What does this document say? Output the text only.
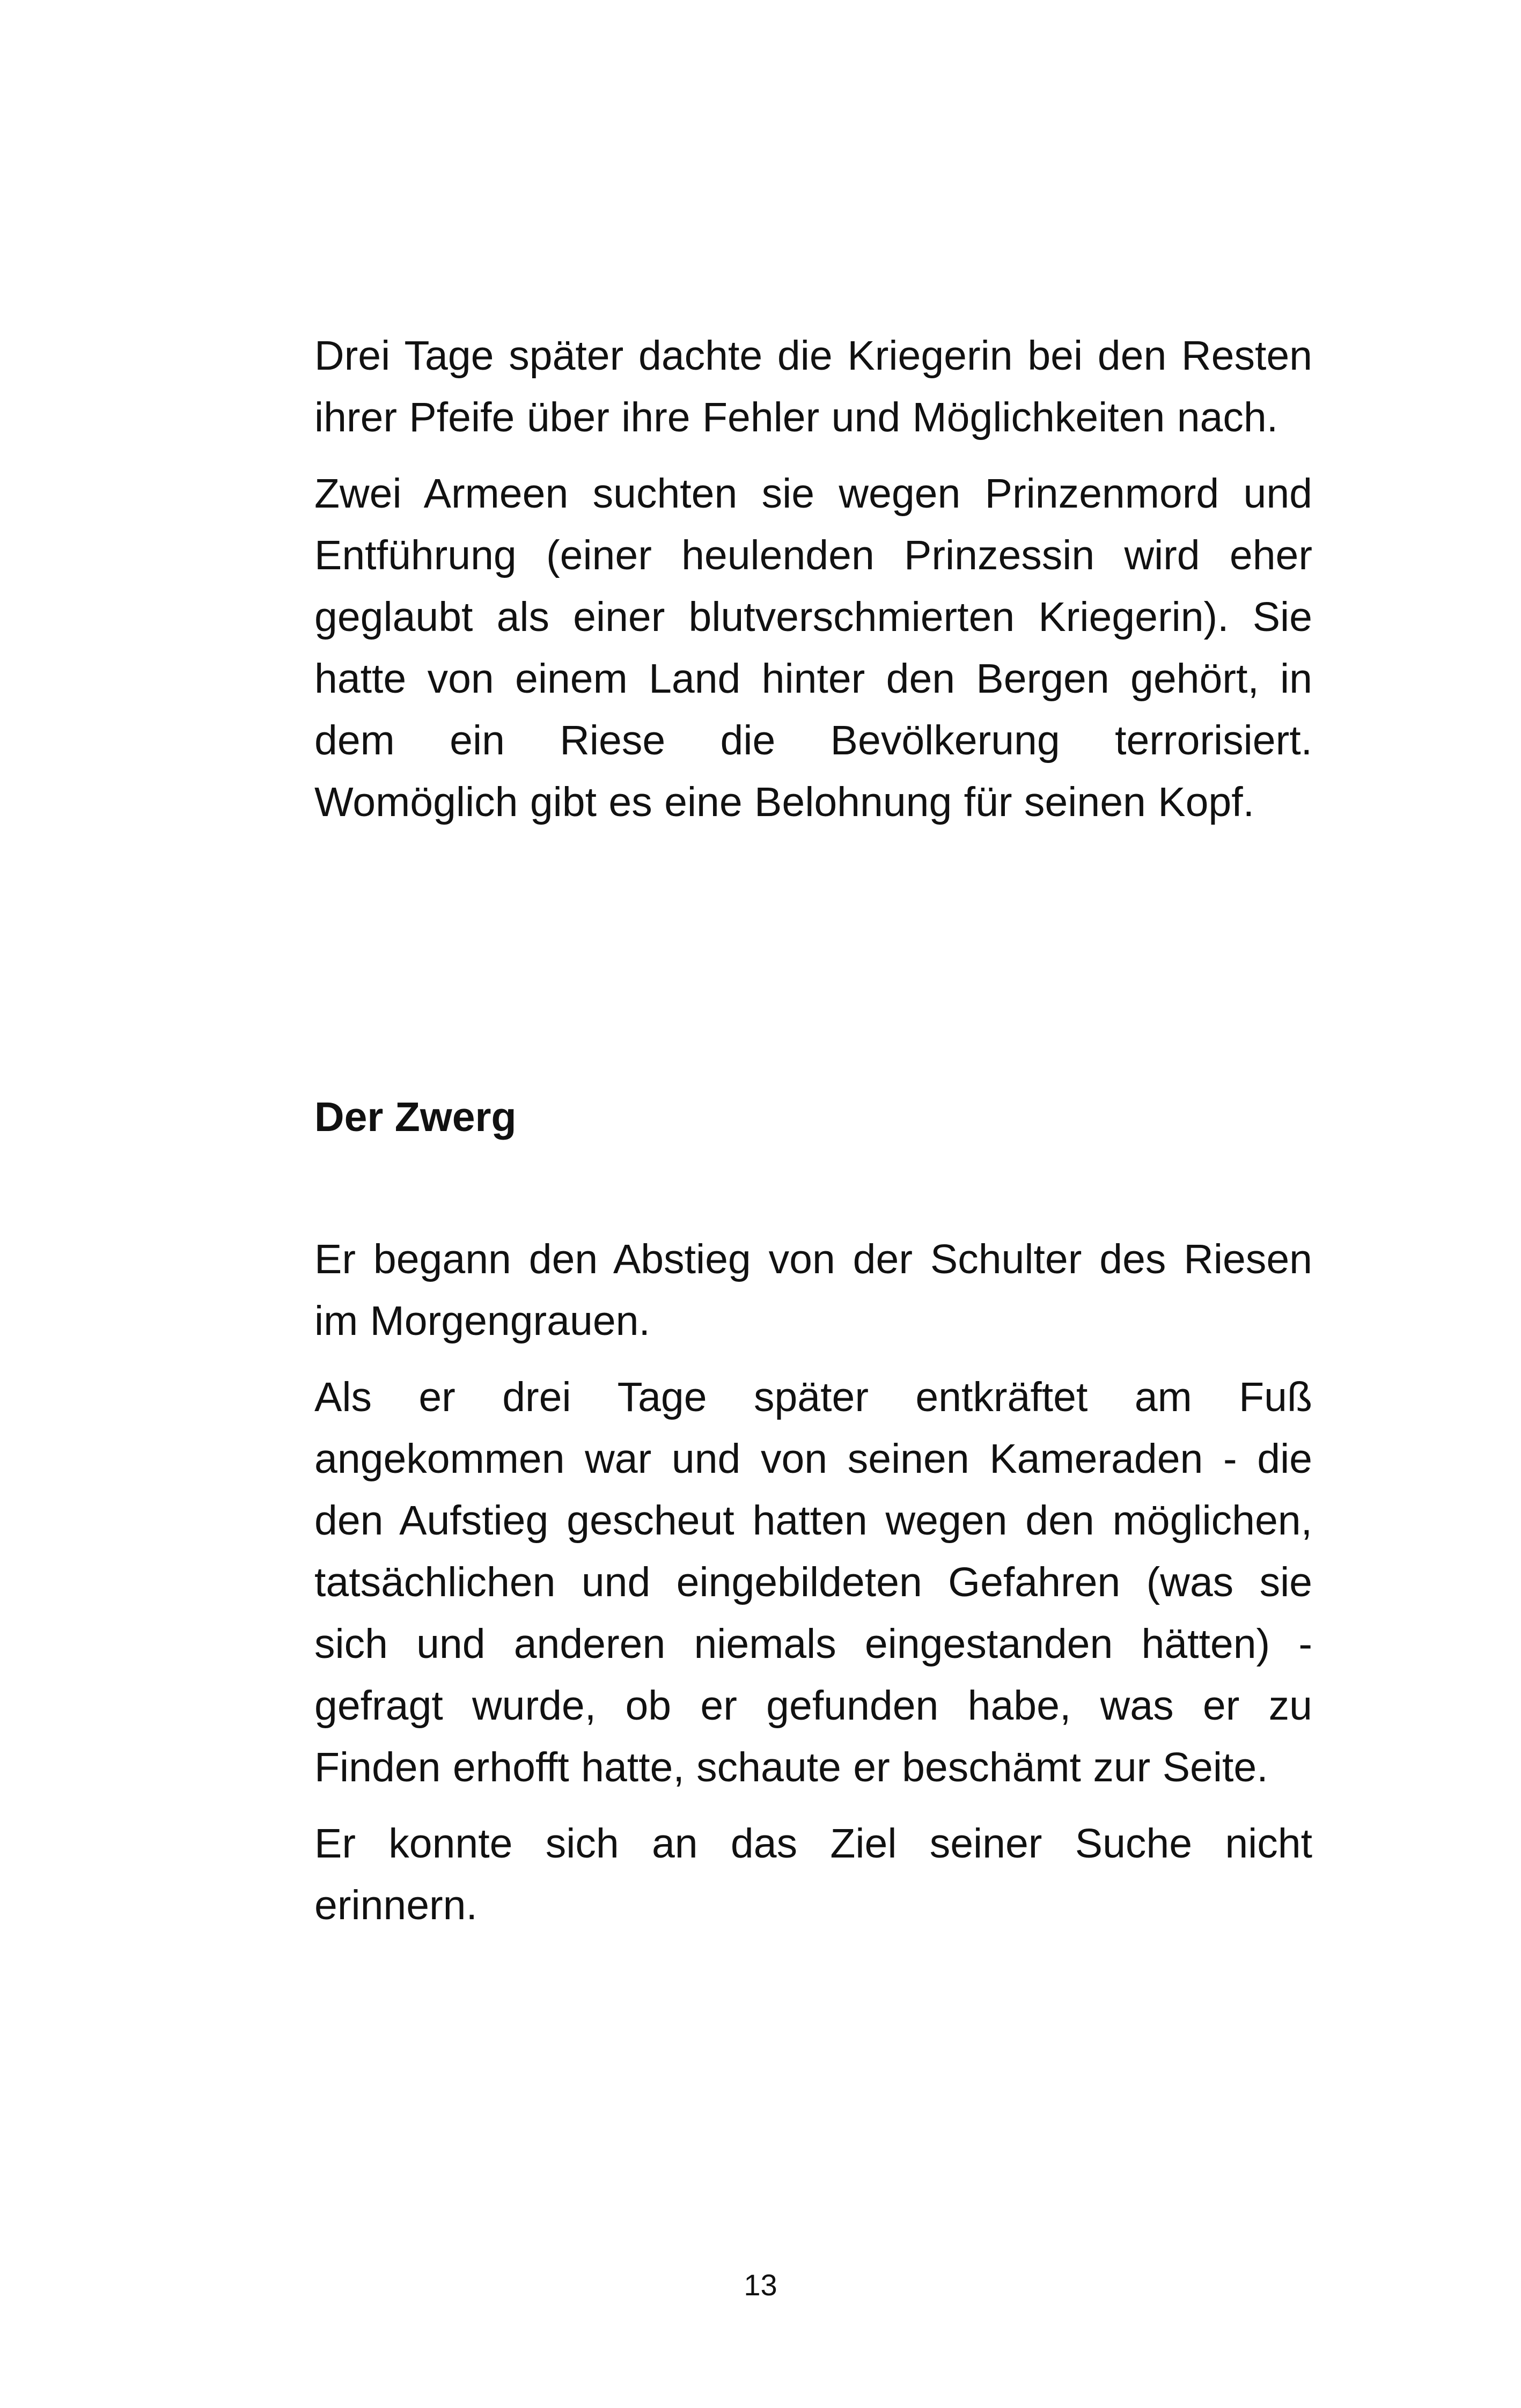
Drei Tage später dachte die Kriegerin bei den Resten ihrer Pfeife über ihre Fehler und Möglichkeiten nach.

Zwei Armeen suchten sie wegen Prinzenmord und Entführung (einer heulenden Prinzessin wird eher geglaubt als einer blutverschmierten Kriegerin). Sie hatte von einem Land hinter den Bergen gehört, in dem ein Riese die Bevölkerung terrorisiert. Womöglich gibt es eine Belohnung für seinen Kopf.

Der Zwerg

Er begann den Abstieg von der Schulter des Riesen im Morgengrauen.

Als er drei Tage später entkräftet am Fuß angekommen war und von seinen Kameraden - die den Aufstieg gescheut hatten wegen den möglichen, tatsächlichen und eingebildeten Gefahren (was sie sich und anderen niemals eingestanden hätten) - gefragt wurde, ob er gefunden habe, was er zu Finden erhofft hatte, schaute er beschämt zur Seite.

Er konnte sich an das Ziel seiner Suche nicht erinnern.

13
